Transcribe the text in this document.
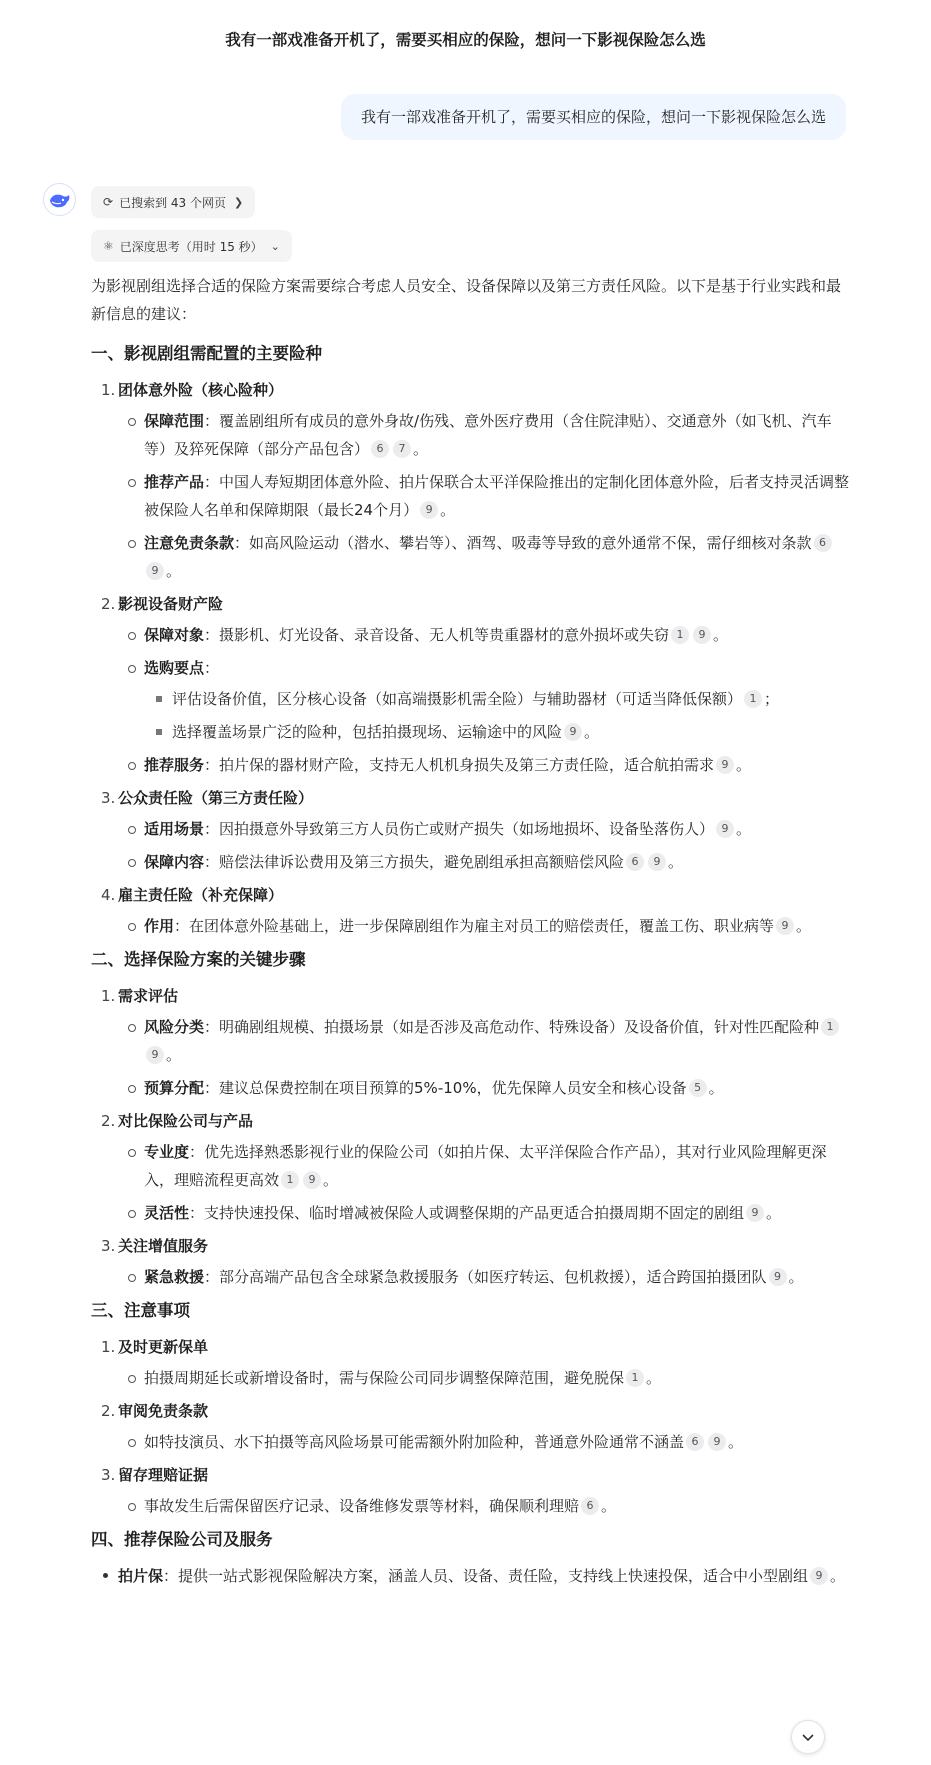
我有一部戏准备开机了，需要买相应的保险，想问一下影视保险怎么选
我有一部戏准备开机了，需要买相应的保险，想问一下影视保险怎么选
⟳ 已搜索到 43 个网页 ❯
⚛ 已深度思考（用时 15 秒） ⌄

为影视剧组选择合适的保险方案需要综合考虑人员安全、设备保障以及第三方责任风险。以下是基于行业实践和最新信息的建议：

一、影视剧组需配置的主要险种
1. 团体意外险（核心险种）
保障范围：覆盖剧组所有成员的意外身故/伤残、意外医疗费用（含住院津贴）、交通意外（如飞机、汽车等）及猝死保障（部分产品包含） 6 7 。
推荐产品：中国人寿短期团体意外险、拍片保联合太平洋保险推出的定制化团体意外险，后者支持灵活调整被保险人名单和保障期限（最长24个月） 9 。
注意免责条款：如高风险运动（潜水、攀岩等）、酒驾、吸毒等导致的意外通常不保，需仔细核对条款 69 。
2. 影视设备财产险
保障对象：摄影机、灯光设备、录音设备、无人机等贵重器材的意外损坏或失窃 1 9 。
选购要点：
评估设备价值，区分核心设备（如高端摄影机需全险）与辅助器材（可适当降低保额） 1 ；
选择覆盖场景广泛的险种，包括拍摄现场、运输途中的风险 9 。
推荐服务：拍片保的器材财产险，支持无人机机身损失及第三方责任险，适合航拍需求 9 。
3. 公众责任险（第三方责任险）
适用场景：因拍摄意外导致第三方人员伤亡或财产损失（如场地损坏、设备坠落伤人） 9 。
保障内容：赔偿法律诉讼费用及第三方损失，避免剧组承担高额赔偿风险 6 9 。
4. 雇主责任险（补充保障）
作用：在团体意外险基础上，进一步保障剧组作为雇主对员工的赔偿责任，覆盖工伤、职业病等 9 。
二、选择保险方案的关键步骤
1. 需求评估
风险分类：明确剧组规模、拍摄场景（如是否涉及高危动作、特殊设备）及设备价值，针对性匹配险种 19 。
预算分配：建议总保费控制在项目预算的5%-10%，优先保障人员安全和核心设备 5 。
2. 对比保险公司与产品
专业度：优先选择熟悉影视行业的保险公司（如拍片保、太平洋保险合作产品），其对行业风险理解更深入，理赔流程更高效 1 9 。
灵活性：支持快速投保、临时增减被保险人或调整保期的产品更适合拍摄周期不固定的剧组 9 。
3. 关注增值服务
紧急救援：部分高端产品包含全球紧急救援服务（如医疗转运、包机救援），适合跨国拍摄团队 9 。
三、注意事项
1. 及时更新保单
拍摄周期延长或新增设备时，需与保险公司同步调整保障范围，避免脱保 1 。
2. 审阅免责条款
如特技演员、水下拍摄等高风险场景可能需额外附加险种，普通意外险通常不涵盖 6 9 。
3. 留存理赔证据
事故发生后需保留医疗记录、设备维修发票等材料，确保顺利理赔 6 。
四、推荐保险公司及服务
拍片保：提供一站式影视保险解决方案，涵盖人员、设备、责任险，支持线上快速投保，适合中小型剧组 9 。
